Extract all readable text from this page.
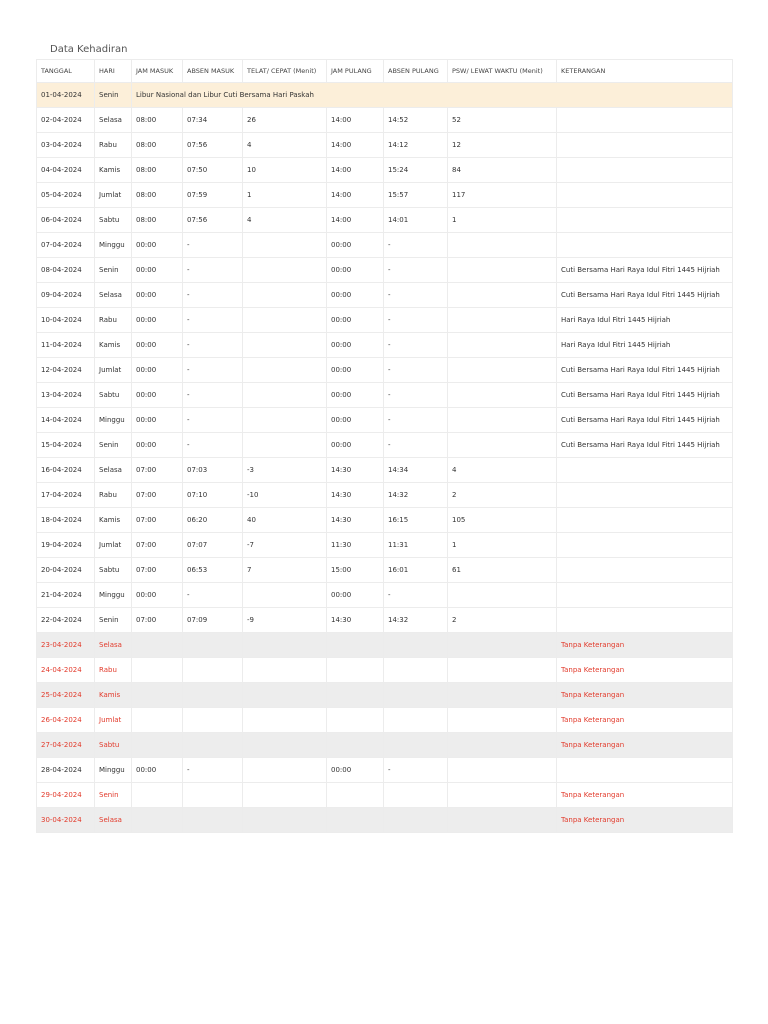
Data Kehadiran
TANGGAL	HARI	JAM MASUK	ABSEN MASUK	TELAT/ CEPAT (Menit)	JAM PULANG	ABSEN PULANG	PSW/ LEWAT WAKTU (Menit)	KETERANGAN
01-04-2024	Senin	Libur Nasional dan Libur Cuti Bersama Hari Paskah						
02-04-2024	Selasa	08:00	07:34	26	14:00	14:52	52	
03-04-2024	Rabu	08:00	07:56	4	14:00	14:12	12	
04-04-2024	Kamis	08:00	07:50	10	14:00	15:24	84	
05-04-2024	Jumlat	08:00	07:59	1	14:00	15:57	117	
06-04-2024	Sabtu	08:00	07:56	4	14:00	14:01	1	
07-04-2024	Minggu	00:00	-		00:00	-		
08-04-2024	Senin	00:00	-		00:00	-		Cuti Bersama Hari Raya Idul Fitri 1445 Hijriah
09-04-2024	Selasa	00:00	-		00:00	-		Cuti Bersama Hari Raya Idul Fitri 1445 Hijriah
10-04-2024	Rabu	00:00	-		00:00	-		Hari Raya Idul Fitri 1445 Hijriah
11-04-2024	Kamis	00:00	-		00:00	-		Hari Raya Idul Fitri 1445 Hijriah
12-04-2024	Jumlat	00:00	-		00:00	-		Cuti Bersama Hari Raya Idul Fitri 1445 Hijriah
13-04-2024	Sabtu	00:00	-		00:00	-		Cuti Bersama Hari Raya Idul Fitri 1445 Hijriah
14-04-2024	Minggu	00:00	-		00:00	-		Cuti Bersama Hari Raya Idul Fitri 1445 Hijriah
15-04-2024	Senin	00:00	-		00:00	-		Cuti Bersama Hari Raya Idul Fitri 1445 Hijriah
16-04-2024	Selasa	07:00	07:03	-3	14:30	14:34	4	
17-04-2024	Rabu	07:00	07:10	-10	14:30	14:32	2	
18-04-2024	Kamis	07:00	06:20	40	14:30	16:15	105	
19-04-2024	Jumlat	07:00	07:07	-7	11:30	11:31	1	
20-04-2024	Sabtu	07:00	06:53	7	15:00	16:01	61	
21-04-2024	Minggu	00:00	-		00:00	-		
22-04-2024	Senin	07:00	07:09	-9	14:30	14:32	2	
23-04-2024	Selasa							Tanpa Keterangan
24-04-2024	Rabu							Tanpa Keterangan
25-04-2024	Kamis							Tanpa Keterangan
26-04-2024	Jumlat							Tanpa Keterangan
27-04-2024	Sabtu							Tanpa Keterangan
28-04-2024	Minggu	00:00	-		00:00	-		
29-04-2024	Senin							Tanpa Keterangan
30-04-2024	Selasa							Tanpa Keterangan
